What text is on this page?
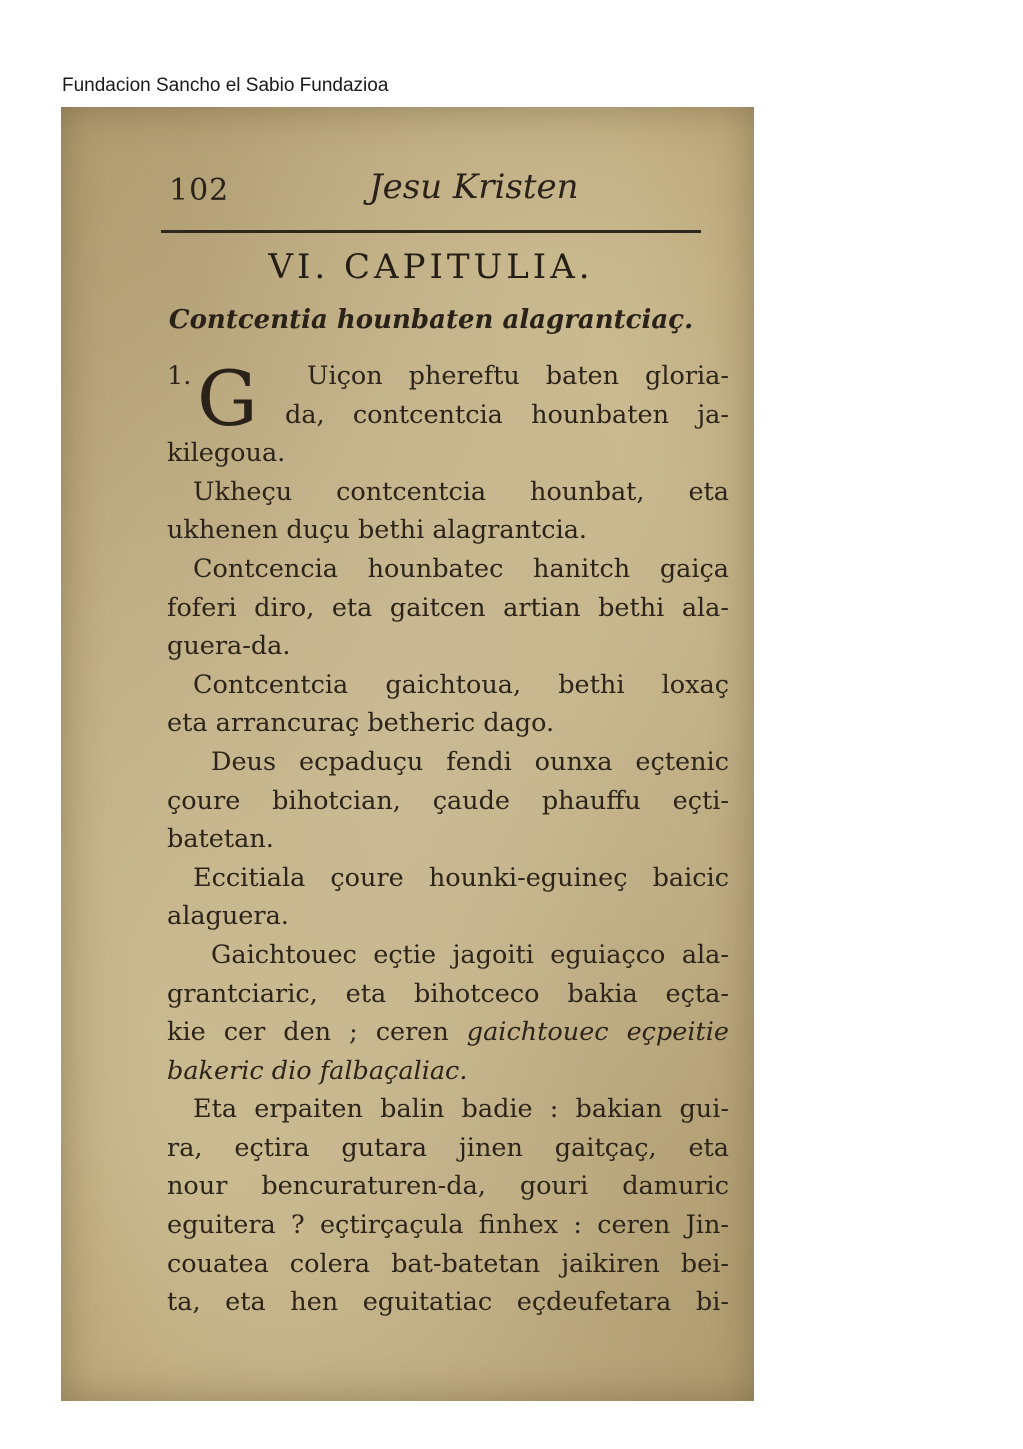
Fundacion Sancho el Sabio Fundazioa
102	Jesu Kristen
VI. CAPITULIA.
Contcentia hounbaten alagrantciaç.
1. G Uiçon phereftu baten gloria-
da, contcentcia hounbaten ja-
kilegoua.
Ukheçu contcentcia hounbat, eta
ukhenen duçu bethi alagrantcia.
Contcencia hounbatec hanitch gaiça
foferi diro, eta gaitcen artian bethi ala-
guera-da.
Contcentcia gaichtoua, bethi loxaç
eta arrancuraç betheric dago.
Deus ecpaduçu fendi ounxa eçtenic
çoure bihotcian, çaude phauffu eçti-
batetan.
Eccitiala çoure hounki-eguineç baicic
alaguera.
Gaichtouec eçtie jagoiti eguiaçco ala-
grantciaric, eta bihotceco bakia eçta-
kie cer den ; ceren gaichtouec eçpeitie
bakeric dio falbaçaliac.
Eta erpaiten balin badie : bakian gui-
ra, eçtira gutara jinen gaitçaç, eta
nour bencuraturen-da, gouri damuric
eguitera ? eçtirçaçula finhex : ceren Jin-
couatea colera bat-batetan jaikiren bei-
ta, eta hen eguitatiac eçdeufetara bi-
